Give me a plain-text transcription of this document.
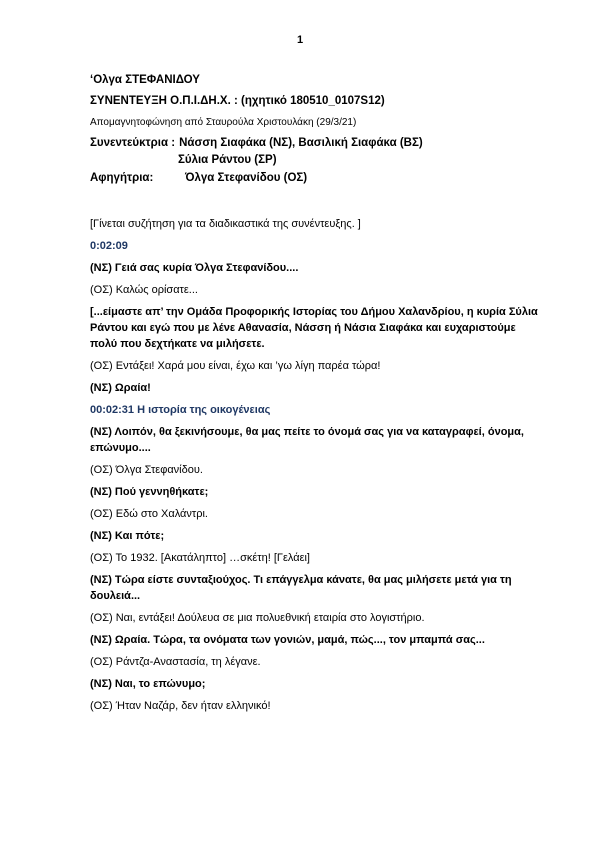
1

‘Ολγα ΣΤΕΦΑΝΙΔΟΥ

ΣΥΝΕΝΤΕΥΞΗ Ο.Π.Ι.ΔΗ.Χ. : (ηχητικό 180510_0107S12)

Απομαγνητοφώνηση από Σταυρούλα Χριστουλάκη (29/3/21)

Συνεντεύκτρια : Νάσση Σιαφάκα (ΝΣ), Βασιλική Σιαφάκα (ΒΣ)
Σύλια Ράντου (ΣΡ)
Αφηγήτρια:	Όλγα Στεφανίδου (ΟΣ)

[Γίνεται συζήτηση για τα διαδικαστικά της συνέντευξης. ]

0:02:09

(ΝΣ) Γειά σας κυρία Όλγα Στεφανίδου....

(ΟΣ) Καλώς ορίσατε...

[...είμαστε απ’ την Ομάδα Προφορικής Ιστορίας του Δήμου Χαλανδρίου, η κυρία Σύλια Ράντου και εγώ που με λένε Αθανασία, Νάσση ή Νάσια Σιαφάκα και ευχαριστούμε πολύ που δεχτήκατε να μιλήσετε.

(ΟΣ) Εντάξει! Χαρά μου είναι, έχω και ’γω λίγη παρέα τώρα!

(ΝΣ) Ωραία!

00:02:31 Η ιστορία της οικογένειας

(ΝΣ) Λοιπόν, θα ξεκινήσουμε, θα μας πείτε το όνομά σας για να καταγραφεί, όνομα, επώνυμο....

(ΟΣ) Όλγα Στεφανίδου.

(ΝΣ) Πού γεννηθήκατε;

(ΟΣ) Εδώ στο Χαλάντρι.

(ΝΣ) Και πότε;

(ΟΣ) Το 1932. [Ακατάληπτο] …σκέτη! [Γελάει]

(ΝΣ) Τώρα είστε συνταξιούχος. Τι επάγγελμα κάνατε, θα μας μιλήσετε μετά για τη δουλειά...

(ΟΣ) Ναι, εντάξει! Δούλευα σε μια πολυεθνική εταιρία στο λογιστήριο.

(ΝΣ) Ωραία. Τώρα, τα ονόματα των γονιών, μαμά, πώς..., τον μπαμπά σας...

(ΟΣ) Ράντζα-Αναστασία, τη λέγανε.

(ΝΣ) Ναι, το επώνυμο;

(ΟΣ) Ήταν Ναζάρ, δεν ήταν ελληνικό!
